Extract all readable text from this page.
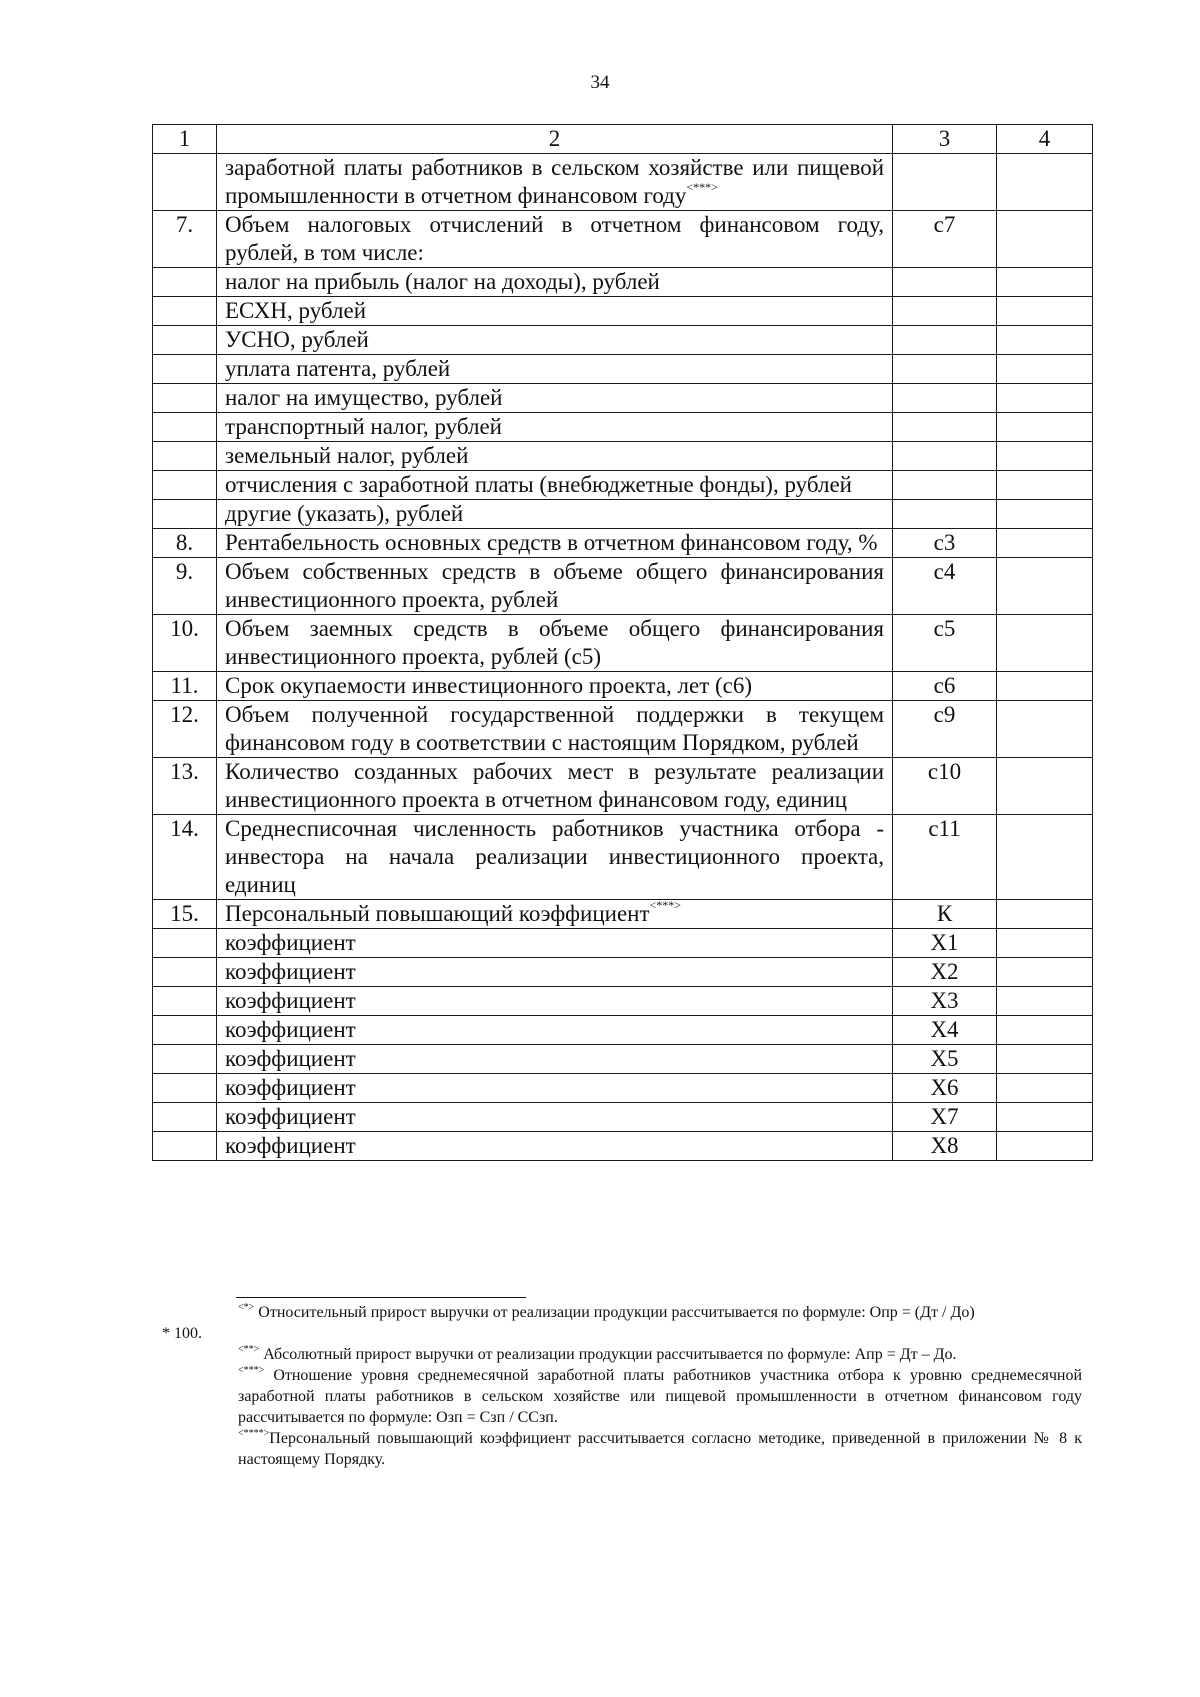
34
1	2	3	4
	заработной платы работников в сельском хозяйстве или пищевой промышленности в отчетном финансовом году<***>		
7.	Объем налоговых отчислений в отчетном финансовом году, рублей, в том числе:	с7	
	налог на прибыль (налог на доходы), рублей		
	ЕСХН, рублей		
	УСНО, рублей		
	уплата патента, рублей		
	налог на имущество, рублей		
	транспортный налог, рублей		
	земельный налог, рублей		
	отчисления с заработной платы (внебюджетные фонды), рублей		
	другие (указать), рублей		
8.	Рентабельность основных средств в отчетном финансовом году, %	с3	
9.	Объем собственных средств в объеме общего финансирования инвестиционного проекта, рублей	с4	
10.	Объем заемных средств в объеме общего финансирования инвестиционного проекта, рублей (с5)	с5	
11.	Срок окупаемости инвестиционного проекта, лет (с6)	с6	
12.	Объем полученной государственной поддержки в текущем финансовом году в соответствии с настоящим Порядком, рублей	с9	
13.	Количество созданных рабочих мест в результате реализации инвестиционного проекта в отчетном финансовом году, единиц	с10	
14.	Среднесписочная численность работников участника отбора - инвестора на начала реализации инвестиционного проекта, единиц	с11	
15.	Персональный повышающий коэффициент<***>	К	
	коэффициент	Х1	
	коэффициент	Х2	
	коэффициент	Х3	
	коэффициент	Х4	
	коэффициент	Х5	
	коэффициент	Х6	
	коэффициент	Х7	
	коэффициент	Х8	

<*> Относительный прирост выручки от реализации продукции рассчитывается по формуле: Опр = (Дт / До)

* 100.

<**> Абсолютный прирост выручки от реализации продукции рассчитывается по формуле: Апр = Дт – До.

<***> Отношение уровня среднемесячной заработной платы работников участника отбора к уровню среднемесячной заработной платы работников в сельском хозяйстве или пищевой промышленности в отчетном финансовом году рассчитывается по формуле: Озп = Сзп / ССзп.

<****>Персональный повышающий коэффициент рассчитывается согласно методике, приведенной в приложении № 8 к настоящему Порядку.
